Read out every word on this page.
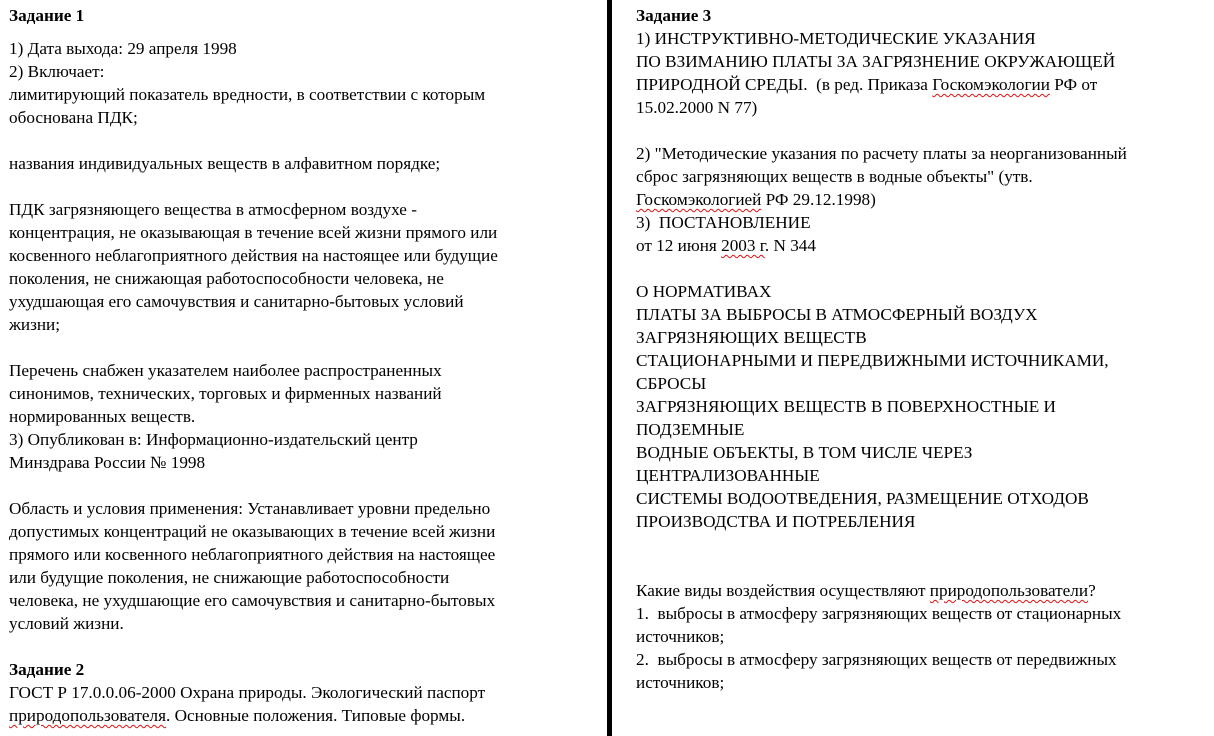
Задание 1
1) Дата выхода: 29 апреля 1998
2) Включает:
лимитирующий показатель вредности, в соответствии с которым
обоснована ПДК;
названия индивидуальных веществ в алфавитном порядке;
ПДК загрязняющего вещества в атмосферном воздухе -
концентрация, не оказывающая в течение всей жизни прямого или
косвенного неблагоприятного действия на настоящее или будущие
поколения, не снижающая работоспособности человека, не
ухудшающая его самочувствия и санитарно-бытовых условий
жизни;
Перечень снабжен указателем наиболее распространенных
синонимов, технических, торговых и фирменных названий
нормированных веществ.
3) Опубликован в: Информационно-издательский центр
Минздрава России № 1998
Область и условия применения: Устанавливает уровни предельно
допустимых концентраций не оказывающих в течение всей жизни
прямого или косвенного неблагоприятного действия на настоящее
или будущие поколения, не снижающие работоспособности
человека, не ухудшающие его самочувствия и санитарно-бытовых
условий жизни.
Задание 2
ГОСТ Р 17.0.0.06-2000 Охрана природы. Экологический паспорт
природопользователя. Основные положения. Типовые формы.
Задание 3
1) ИНСТРУКТИВНО-МЕТОДИЧЕСКИЕ УКАЗАНИЯ
ПО ВЗИМАНИЮ ПЛАТЫ ЗА ЗАГРЯЗНЕНИЕ ОКРУЖАЮЩЕЙ
ПРИРОДНОЙ СРЕДЫ.  (в ред. Приказа Госкомэкологии РФ от
15.02.2000 N 77)
2) "Методические указания по расчету платы за неорганизованный
сброс загрязняющих веществ в водные объекты" (утв.
Госкомэкологией РФ 29.12.1998)
3)  ПОСТАНОВЛЕНИЕ
от 12 июня 2003 г. N 344
О НОРМАТИВАХ
ПЛАТЫ ЗА ВЫБРОСЫ В АТМОСФЕРНЫЙ ВОЗДУХ
ЗАГРЯЗНЯЮЩИХ ВЕЩЕСТВ
СТАЦИОНАРНЫМИ И ПЕРЕДВИЖНЫМИ ИСТОЧНИКАМИ,
СБРОСЫ
ЗАГРЯЗНЯЮЩИХ ВЕЩЕСТВ В ПОВЕРХНОСТНЫЕ И
ПОДЗЕМНЫЕ
ВОДНЫЕ ОБЪЕКТЫ, В ТОМ ЧИСЛЕ ЧЕРЕЗ
ЦЕНТРАЛИЗОВАННЫЕ
СИСТЕМЫ ВОДООТВЕДЕНИЯ, РАЗМЕЩЕНИЕ ОТХОДОВ
ПРОИЗВОДСТВА И ПОТРЕБЛЕНИЯ
Какие виды воздействия осуществляют природопользователи?
1.  выбросы в атмосферу загрязняющих веществ от стационарных
источников;
2.  выбросы в атмосферу загрязняющих веществ от передвижных
источников;
